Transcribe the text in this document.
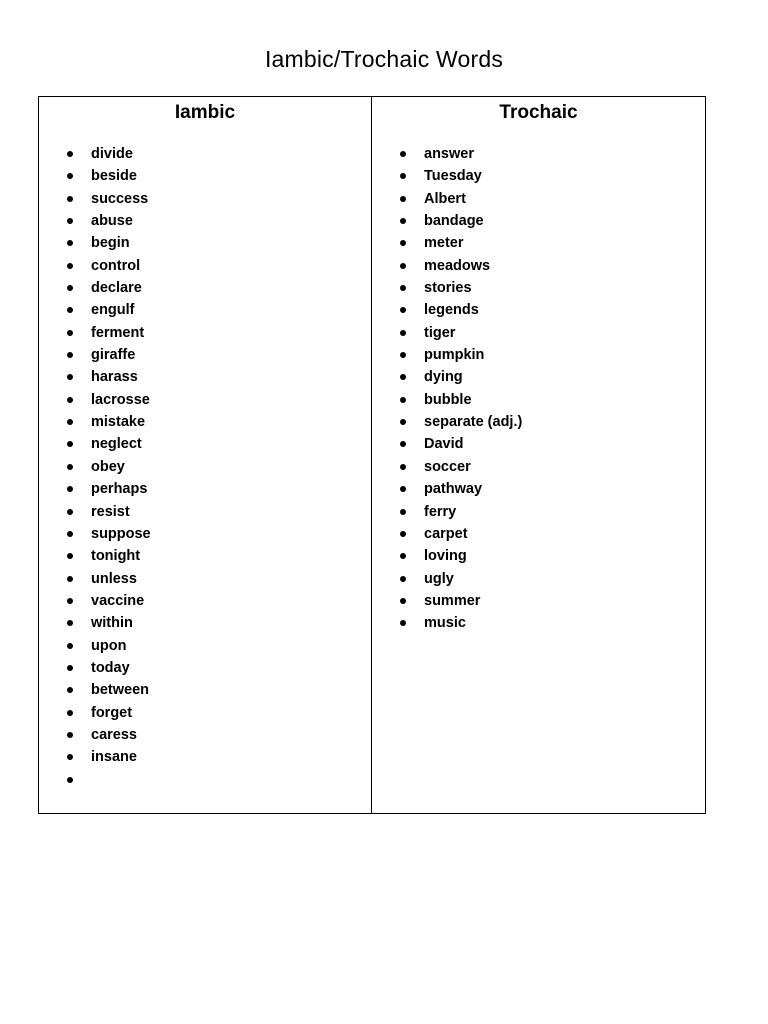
Iambic/Trochaic Words
Iambic
divide
beside
success
abuse
begin
control
declare
engulf
ferment
giraffe
harass
lacrosse
mistake
neglect
obey
perhaps
resist
suppose
tonight
unless
vaccine
within
upon
today
between
forget
caress
insane
Trochaic
answer
Tuesday
Albert
bandage
meter
meadows
stories
legends
tiger
pumpkin
dying
bubble
separate (adj.)
David
soccer
pathway
ferry
carpet
loving
ugly
summer
music
